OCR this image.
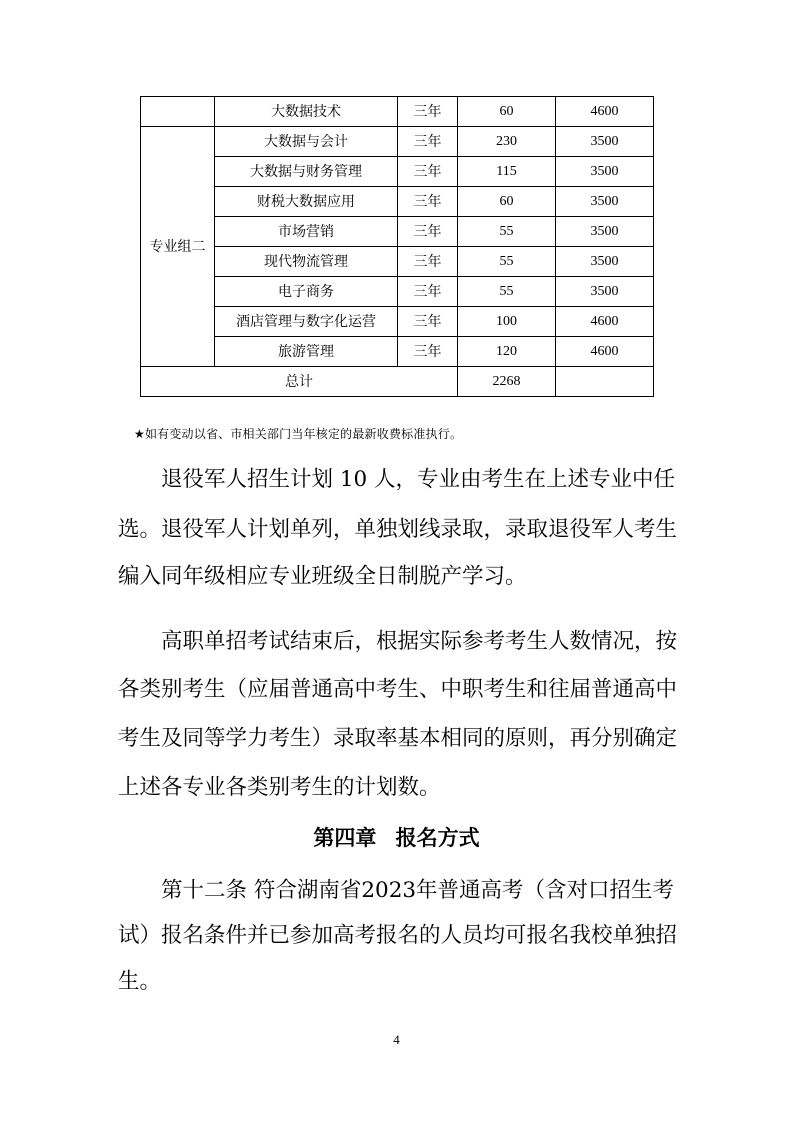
	大数据技术	三年	60	4600
专业组二	大数据与会计	三年	230	3500
	大数据与财务管理	三年	115	3500
	财税大数据应用	三年	60	3500
	市场营销	三年	55	3500
	现代物流管理	三年	55	3500
	电子商务	三年	55	3500
	酒店管理与数字化运营	三年	100	4600
	旅游管理	三年	120	4600
总计			2268	
★如有变动以省、市相关部门当年核定的最新收费标准执行。
退役军人招生计划 10 人，专业由考生在上述专业中任
选。退役军人计划单列，单独划线录取，录取退役军人考生
编入同年级相应专业班级全日制脱产学习。
高职单招考试结束后，根据实际参考考生人数情况，按
各类别考生（应届普通高中考生、中职考生和往届普通高中
考生及同等学力考生）录取率基本相同的原则，再分别确定
上述各专业各类别考生的计划数。
第四章 报名方式
第十二条 符合湖南省2023年普通高考（含对口招生考
试）报名条件并已参加高考报名的人员均可报名我校单独招
生。
4
